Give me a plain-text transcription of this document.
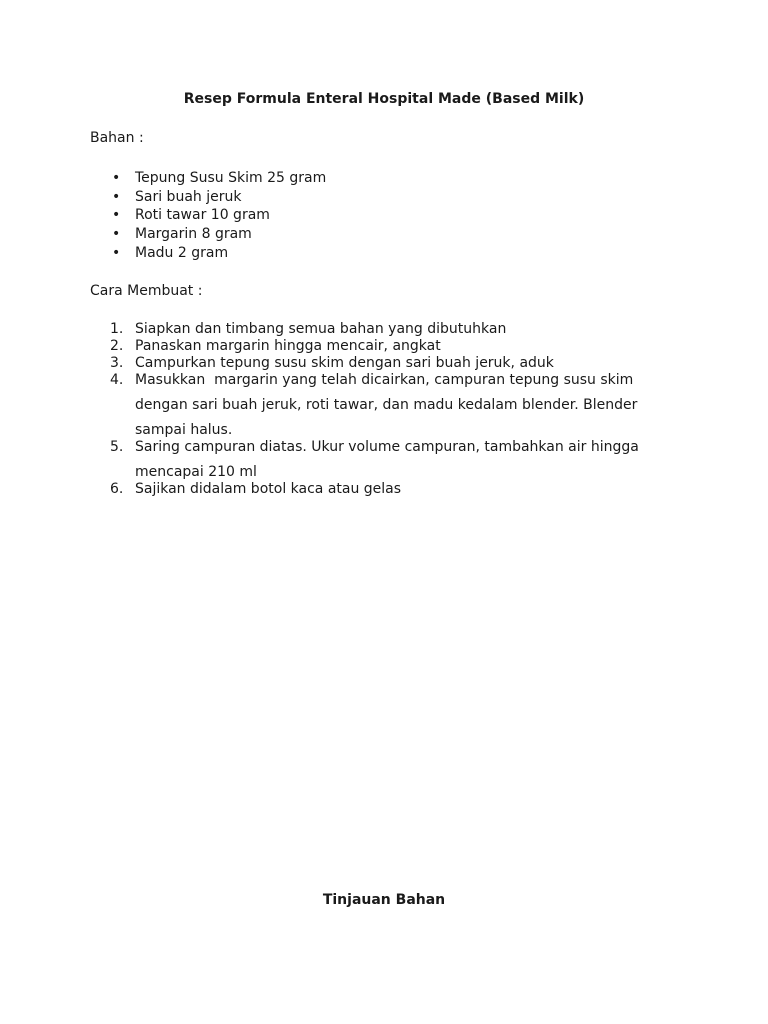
Resep Formula Enteral Hospital Made (Based Milk)
Bahan :
• Tepung Susu Skim 25 gram
• Sari buah jeruk
• Roti tawar 10 gram
• Margarin 8 gram
• Madu 2 gram
Cara Membuat :
1. Siapkan dan timbang semua bahan yang dibutuhkan
2. Panaskan margarin hingga mencair, angkat
3. Campurkan tepung susu skim dengan sari buah jeruk, aduk
4. Masukkan  margarin yang telah dicairkan, campuran tepung susu skim
dengan sari buah jeruk, roti tawar, dan madu kedalam blender. Blender
sampai halus.
5. Saring campuran diatas. Ukur volume campuran, tambahkan air hingga
mencapai 210 ml
6. Sajikan didalam botol kaca atau gelas
Tinjauan Bahan
